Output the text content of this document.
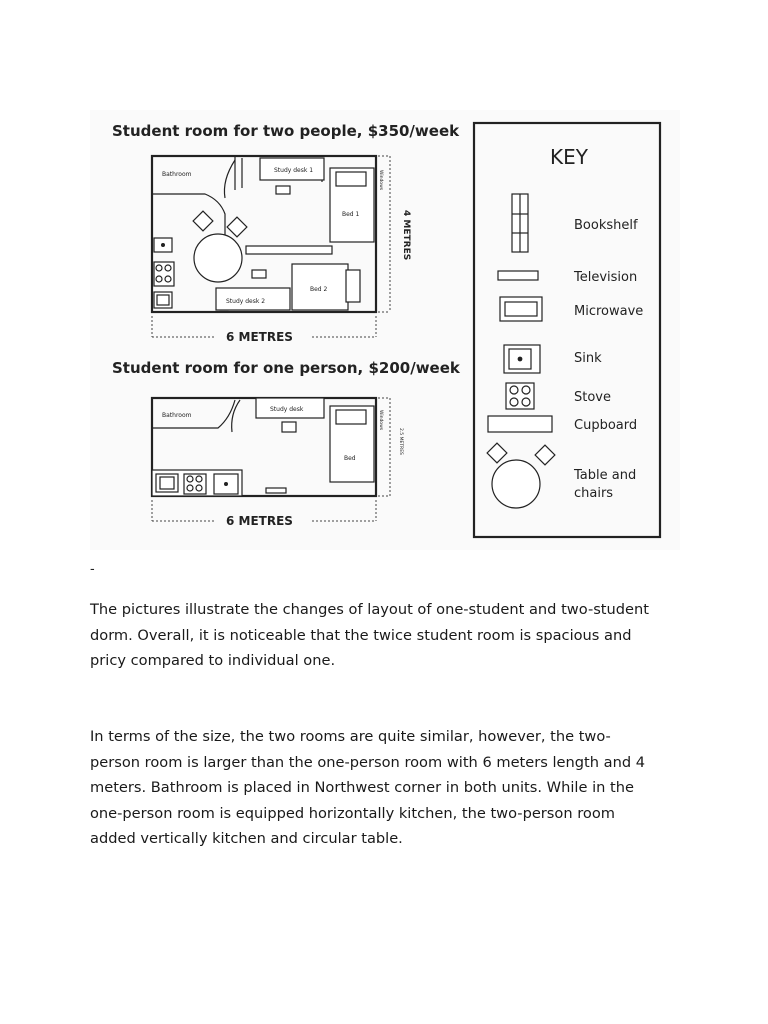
Student room for two people, $350/week
Bathroom
Study desk 1
Bed 1
Study desk 2
Bed 2
Windows
4 METRES
6 METRES
Student room for one person, $200/week
Bathroom
Study desk
Bed
Windows
2.5 METRES
6 METRES
KEY
Bookshelf
Television
Microwave
Sink
Stove
Cupboard
Table and
chairs
-

The pictures illustrate the changes of layout of one-student and two-student dorm. Overall, it is noticeable that the twice student room is spacious and pricy compared to individual one.

In terms of the size, the two rooms are quite similar, however, the two-person room is larger than the one-person room with 6 meters length and 4 meters. Bathroom is placed in Northwest corner in both units. While in the one-person room is equipped horizontally kitchen, the two-person room added vertically kitchen and circular table.
